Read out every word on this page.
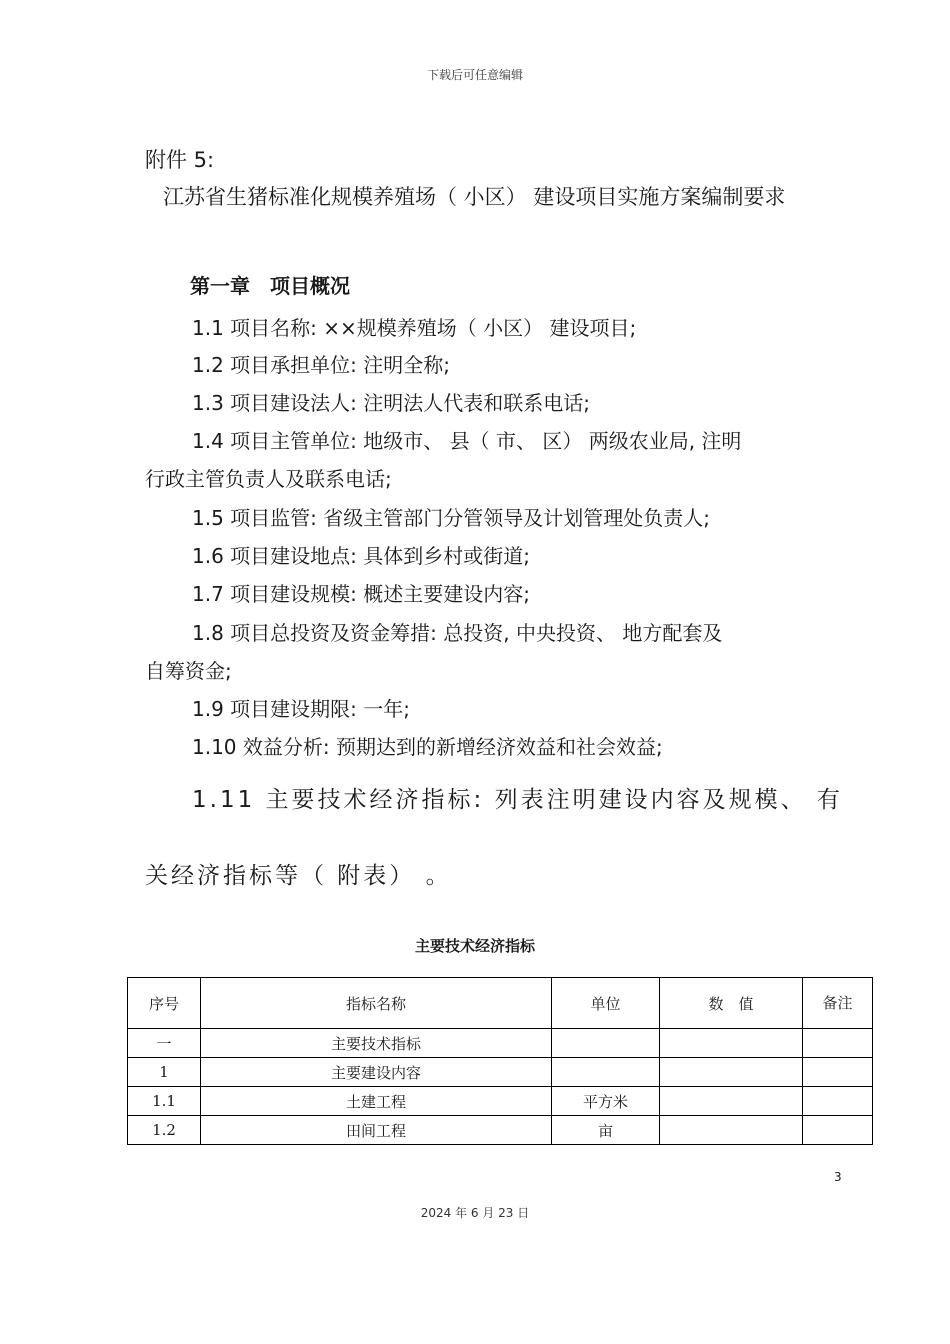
下载后可任意编辑
附件 5:
江苏省生猪标准化规模养殖场（ 小区） 建设项目实施方案编制要求
第一章　项目概况
1.1 项目名称: ××规模养殖场（ 小区） 建设项目;
1.2 项目承担单位: 注明全称;
1.3 项目建设法人: 注明法人代表和联系电话;
1.4 项目主管单位: 地级市、 县（ 市、 区） 两级农业局, 注明
行政主管负责人及联系电话;
1.5 项目监管: 省级主管部门分管领导及计划管理处负责人;
1.6 项目建设地点: 具体到乡村或街道;
1.7 项目建设规模: 概述主要建设内容;
1.8 项目总投资及资金筹措: 总投资, 中央投资、 地方配套及
自筹资金;
1.9 项目建设期限: 一年;
1.10 效益分析: 预期达到的新增经济效益和社会效益;
1.11 主要技术经济指标: 列表注明建设内容及规模、 有
关经济指标等（ 附表） 。
主要技术经济指标
序号	指标名称	单位	数　值	备注
一	主要技术指标			
1	主要建设内容			
1.1	土建工程	平方米		
1.2	田间工程	亩		
3
2024 年 6 月 23 日
